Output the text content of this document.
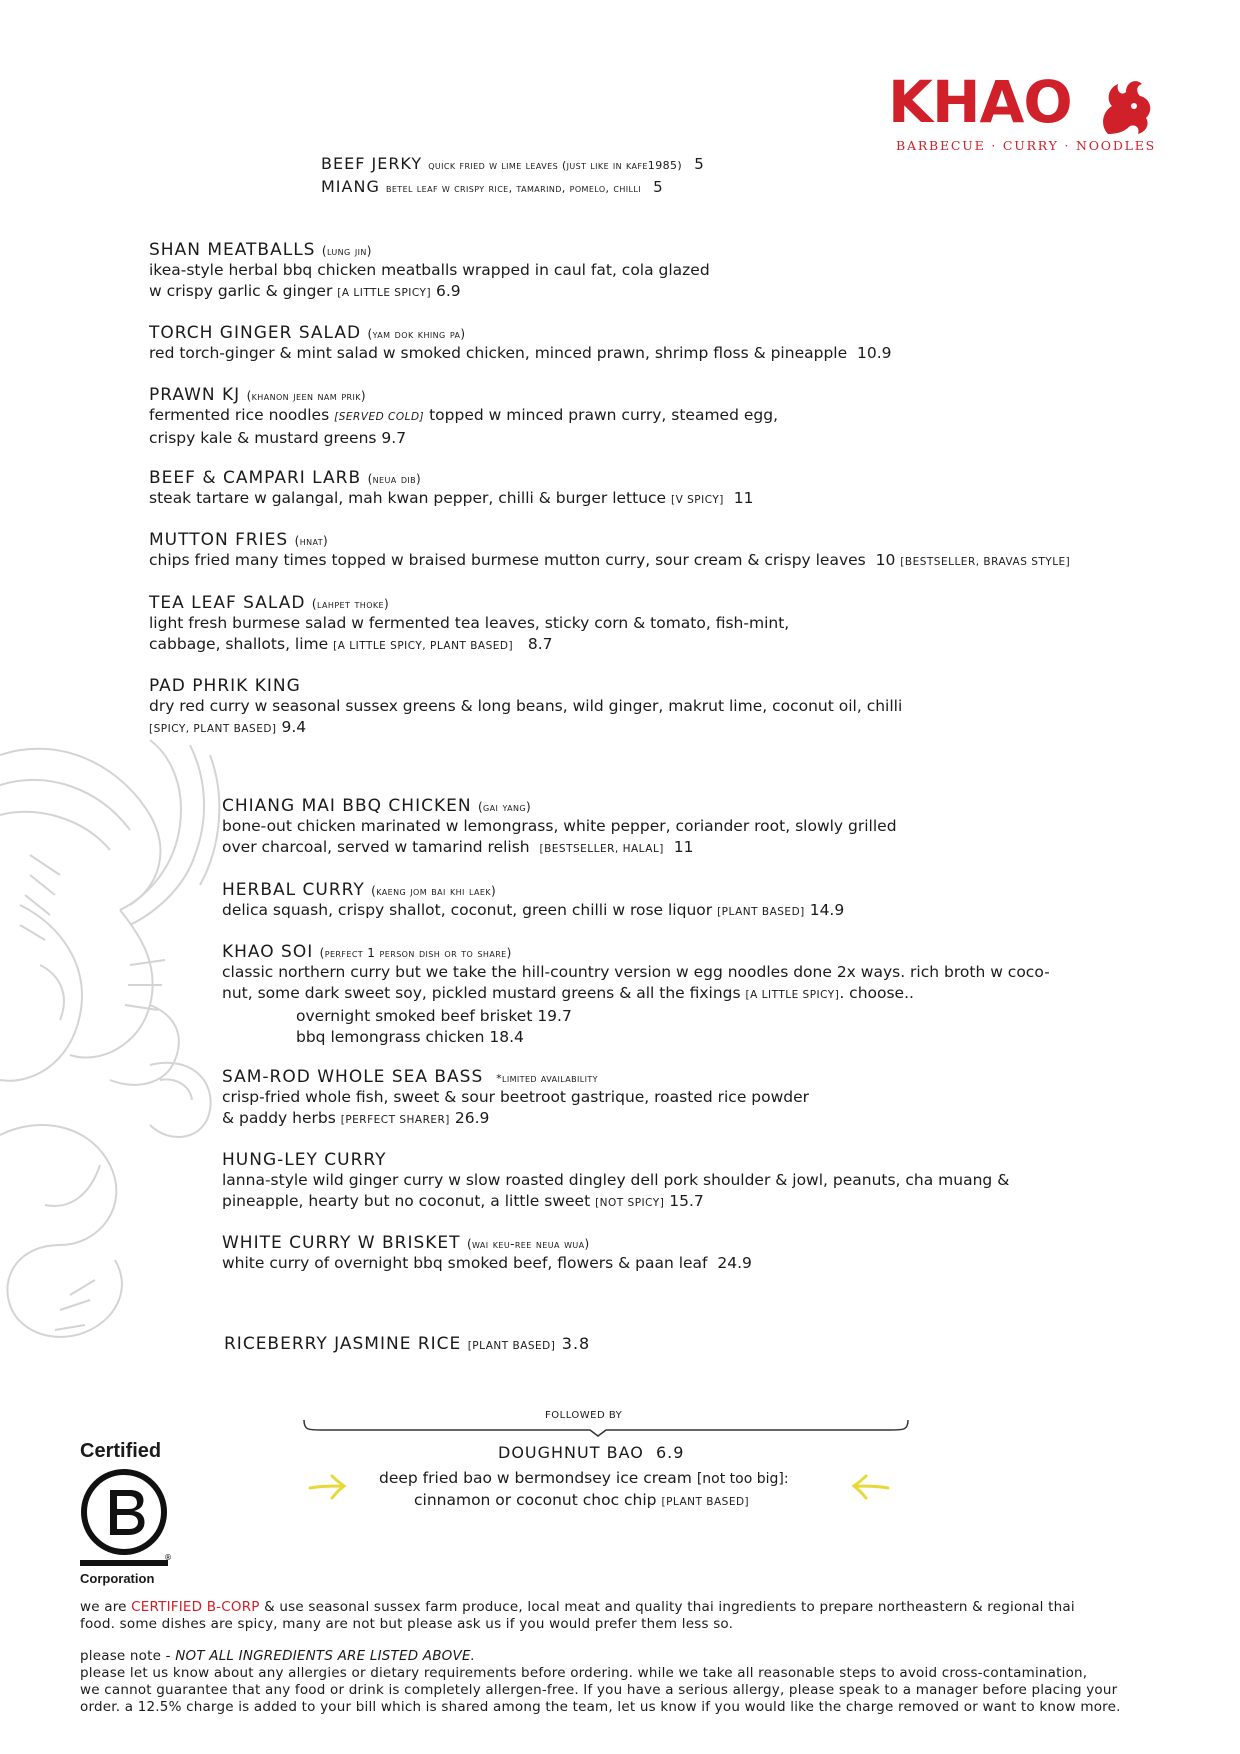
KHAO
BARBECUE · CURRY · NOODLES
BEEF JERKY quick fried w lime leaves (just like in kafe1985) 5
MIANG betel leaf w crispy rice, tamarind, pomelo, chilli 5
SHAN MEATBALLS (lung jin)
ikea-style herbal bbq chicken meatballs wrapped in caul fat, cola glazed
w crispy garlic & ginger [A LITTLE SPICY] 6.9
TORCH GINGER SALAD (yam dok khing pa)
red torch-ginger & mint salad w smoked chicken, minced prawn, shrimp floss & pineapple 10.9
PRAWN KJ (khanon jeen nam prik)
fermented rice noodles [SERVED COLD] topped w minced prawn curry, steamed egg,
crispy kale & mustard greens 9.7
BEEF & CAMPARI LARB (neua dib)
steak tartare w galangal, mah kwan pepper, chilli & burger lettuce [V SPICY] 11
MUTTON FRIES (hnat)
chips fried many times topped w braised burmese mutton curry, sour cream & crispy leaves 10 [BESTSELLER, BRAVAS STYLE]
TEA LEAF SALAD (lahpet thoke)
light fresh burmese salad w fermented tea leaves, sticky corn & tomato, fish-mint,
cabbage, shallots, lime [A LITTLE SPICY, PLANT BASED] 8.7
PAD PHRIK KING
dry red curry w seasonal sussex greens & long beans, wild ginger, makrut lime, coconut oil, chilli
[SPICY, PLANT BASED] 9.4
CHIANG MAI BBQ CHICKEN (gai yang)
bone-out chicken marinated w lemongrass, white pepper, coriander root, slowly grilled
over charcoal, served w tamarind relish [BESTSELLER, HALAL] 11
HERBAL CURRY (kaeng jom bai khi laek)
delica squash, crispy shallot, coconut, green chilli w rose liquor [PLANT BASED] 14.9
KHAO SOI (perfect 1 person dish or to share)
classic northern curry but we take the hill-country version w egg noodles done 2x ways. rich broth w coco-
nut, some dark sweet soy, pickled mustard greens & all the fixings [A LITTLE SPICY]. choose..
overnight smoked beef brisket 19.7
bbq lemongrass chicken 18.4
SAM-ROD WHOLE SEA BASS *limited availability
crisp-fried whole fish, sweet & sour beetroot gastrique, roasted rice powder
& paddy herbs [PERFECT SHARER] 26.9
HUNG-LEY CURRY
lanna-style wild ginger curry w slow roasted dingley dell pork shoulder & jowl, peanuts, cha muang &
pineapple, hearty but no coconut, a little sweet [NOT SPICY] 15.7
WHITE CURRY W BRISKET (wai keu-ree neua wua)
white curry of overnight bbq smoked beef, flowers & paan leaf 24.9
RICEBERRY JASMINE RICE [PLANT BASED] 3.8
FOLLOWED BY
DOUGHNUT BAO 6.9
deep fried bao w bermondsey ice cream [not too big]:
cinnamon or coconut choc chip [PLANT BASED]
Certified
®
Corporation
we are CERTIFIED B-CORP & use seasonal sussex farm produce, local meat and quality thai ingredients to prepare northeastern & regional thai
food. some dishes are spicy, many are not but please ask us if you would prefer them less so.
please note - NOT ALL INGREDIENTS ARE LISTED ABOVE.
please let us know about any allergies or dietary requirements before ordering. while we take all reasonable steps to avoid cross-contamination,
we cannot guarantee that any food or drink is completely allergen-free. If you have a serious allergy, please speak to a manager before placing your
order. a 12.5% charge is added to your bill which is shared among the team, let us know if you would like the charge removed or want to know more.
